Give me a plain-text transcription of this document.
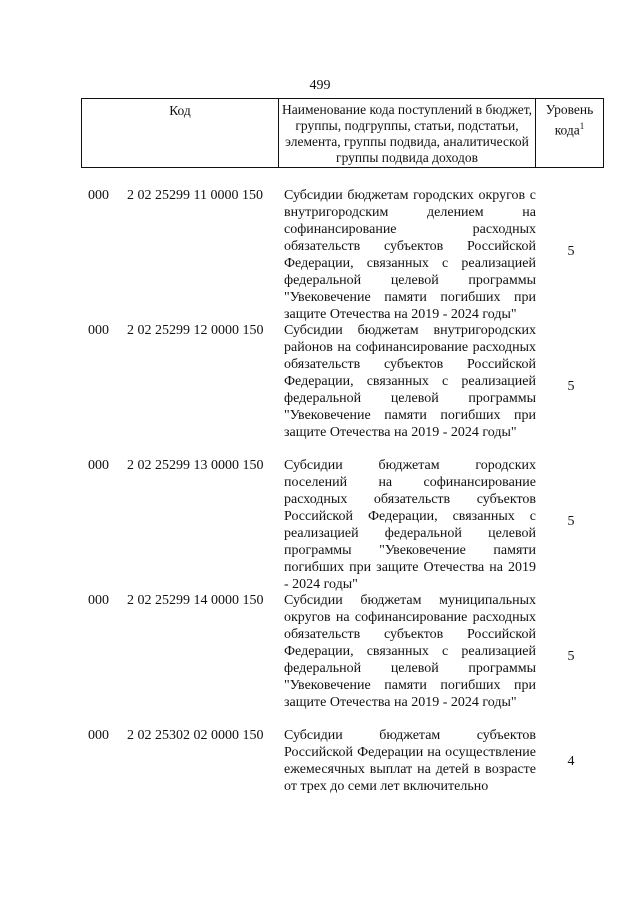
499
Код	Наименование кода поступлений в бюджет, группы, подгруппы, статьи, подстатьи, элемента, группы подвида, аналитической группы подвида доходов
Уровень кода$^1$
000 2 02 25299 11 0000 150 Субсидии бюджетам городских округов с внутригородским делением на софинансирование расходных обязательств субъектов Российской Федерации, связанных с реализацией федеральной целевой программы "Увековечение памяти погибших при защите Отечества на 2019 - 2024 годы"
5
000 2 02 25299 12 0000 150 Субсидии бюджетам внутригородских районов на софинансирование расходных обязательств субъектов Российской Федерации, связанных с реализацией федеральной целевой программы "Увековечение памяти погибших при защите Отечества на 2019 - 2024 годы"
5
000 2 02 25299 13 0000 150 Субсидии бюджетам городских поселений на софинансирование расходных обязательств субъектов Российской Федерации, связанных с реализацией федеральной целевой программы "Увековечение памяти погибших при защите Отечества на 2019 - 2024 годы"
5
000 2 02 25299 14 0000 150 Субсидии бюджетам муниципальных округов на софинансирование расходных обязательств субъектов Российской Федерации, связанных с реализацией федеральной целевой программы "Увековечение памяти погибших при защите Отечества на 2019 - 2024 годы"
5
000 2 02 25302 02 0000 150 Субсидии бюджетам субъектов Российской Федерации на осуществление ежемесячных выплат на детей в возрасте от трех до семи лет включительно
4
